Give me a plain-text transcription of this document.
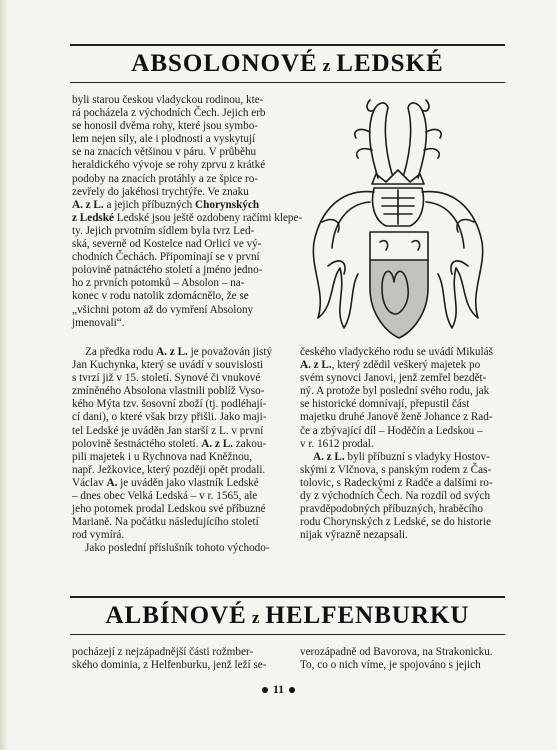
ABSOLONOVÉ z LEDSKÉ
byli starou českou vladyckou rodinou, kte-
rá pocházela z východních Čech. Jejich erb
se honosil dvěma rohy, které jsou symbo-
lem nejen síly, ale i plodnosti a vyskytují
se na znacích většinou v páru. V průběhu
heraldického vývoje se rohy zprvu z krátké
podoby na znacích protáhly a ze špice ro-
zevřely do jakéhosi trychtýře. Ve znaku
A. z L. a jejich příbuzných Chorynských
z Ledské Ledské jsou ještě ozdobeny račími klepe-
ty. Jejich prvotním sídlem byla tvrz Led-
ská, severně od Kostelce nad Orlicí ve vý-
chodních Čechách. Připomínají se v první
polovině patnáctého století a jméno jedno-
ho z prvních potomků – Absolon – na-
konec v rodu natolik zdomácnělo, že se
„všichni potom až do vymření Absolony
jmenovali“.
Za předka rodu A. z L. je považován jistý
Jan Kuchynka, který se uvádí v souvislosti
s tvrzí již v 15. století. Synové či vnukové
zmíněného Absolona vlastnili poblíž Vyso-
kého Mýta tzv. šosovní zboží (tj. podléhají-
cí dani), o které však brzy přišli. Jako maji-
tel Ledské je uváděn Jan starší z L. v první
polovině šestnáctého století. A. z L. zakou-
pili majetek i u Rychnova nad Kněžnou,
např. Ježkovice, který později opět prodali.
Václav A. je uváděn jako vlastník Ledské
– dnes obec Velká Ledská – v r. 1565, ale
jeho potomek prodal Ledskou své příbuzné
Marianě. Na počátku následujícího století
rod vymírá.
Jako poslední příslušník tohoto východo-
českého vladyckého rodu se uvádí Mikuláš
A. z L., který zdědil veškerý majetek po
svém synovci Janovi, jenž zemřel bezdět-
ný. A protože byl poslední svého rodu, jak
se historické domnívají, přepustil část
majetku druhé Janově ženě Johance z Rad-
če a zbývající díl – Hoděčín a Ledskou –
v r. 1612 prodal.
A. z L. byli příbuzní s vladyky Hostov-
skými z Vlčnova, s panským rodem z Čas-
tolovic, s Radeckými z Radče a dalšími ro-
dy z východních Čech. Na rozdíl od svých
pravděpodobných příbuzných, hraběcího
rodu Chorynských z Ledské, se do historie
nijak výrazně nezapsali.
ALBÍNOVÉ z HELFENBURKU
pocházejí z nejzápadnější části rožmber-
ského dominia, z Helfenburku, jenž leží se-
verozápadně od Bavorova, na Strakonicku.
To, co o nich víme, je spojováno s jejich
11
